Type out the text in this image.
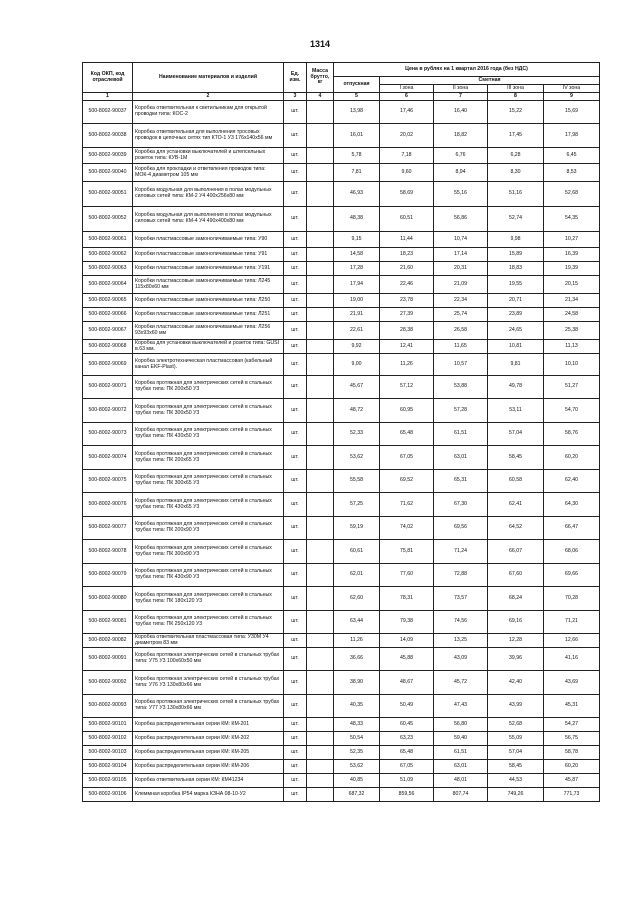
1314
Код ОКП, код отраслевой	Наименование материалов и изделий	Ед. изм.	Масса брутто, кг	Цена в рублях на 1 квартал 2016 года (без НДС)				
				отпускная	Сметная			
					I зона	II зона	III зона	IV зона
1	2	3	4	5	6	7	8	9
500-8002-90037	Коробка ответвительная к светильникам для открытой проводки типа: КОС-2	шт.		13,98	17,46	16,40	15,22	15,69
500-8002-90038	Коробка ответвительная для выполнения тросовых проводок в цепочных сетях тип КТО-1 У3 176х140х56 мм	шт.		16,01	20,02	18,82	17,45	17,98
500-8002-90039	Коробка для установки выключателей и штепсельных розеток типа: КУВ-1М	шт.		5,78	7,18	6,76	6,28	6,45
500-8002-90040	Коробка для прокладки и ответвления проводов типа: МОК-4 диаметром 105 мм	шт.		7,81	9,60	8,94	8,30	8,53
500-8002-90051	Коробка модульная для выполнения в полах модульных силовых сетей типа: КМ-2 У4 400х256х80 мм	шт.		46,93	58,69	55,16	51,16	52,68
500-8002-90052	Коробка модульная для выполнения в полах модульных силовых сетей типа: КМ-4 У4 490х400х80 мм	шт.		48,38	60,51	56,86	52,74	54,35
500-8002-90061	Коробки пластмассовые замоноличиваемые типа: У90	шт.		9,15	11,44	10,74	9,98	10,27
500-8002-90062	Коробки пластмассовые замоноличиваемые типа: У91	шт.		14,58	18,23	17,14	15,89	16,39
500-8002-90063	Коробки пластмассовые замоноличиваемые типа: У191	шт.		17,28	21,60	20,31	18,83	19,39
500-8002-90064	Коробки пластмассовые замоноличиваемые типа: Л245 115х80х60 мм	шт.		17,94	22,46	21,09	19,55	20,15
500-8002-90065	Коробки пластмассовые замоноличиваемые типа: Л250	шт.		19,00	23,78	22,34	20,71	21,34
500-8002-90066	Коробки пластмассовые замоноличиваемые типа: Л251	шт.		21,91	27,39	25,74	23,89	24,58
500-8002-90067	Коробки пластмассовые замоноличиваемые типа: Л256 93х93х60 мм	шт.		22,61	28,38	26,58	24,65	25,38
500-8002-90068	Коробка для установки выключателей и розеток типа: GUSI в.63 мм.	шт.		9,92	12,41	11,65	10,81	11,13
500-8002-90069	Коробка электротехническая пластмассовая (кабельный канал EKF-Plast).	шт.		9,00	11,26	10,57	9,81	10,10
500-8002-90071	Коробка протяжная для электрических сетей в стальных трубах типа: ПК 200х50 У3	шт.		45,67	57,12	53,88	49,78	51,27
500-8002-90072	Коробка протяжная для электрических сетей в стальных трубах типа: ПК 300х50 У3	шт.		48,72	60,95	57,28	53,11	54,70
500-8002-90073	Коробка протяжная для электрических сетей в стальных трубах типа: ПК 430х50 У3	шт.		52,33	65,48	61,51	57,04	58,76
500-8002-90074	Коробка протяжная для электрических сетей в стальных трубах типа: ПК 200х65 У3	шт.		53,62	67,05	63,01	58,45	60,20
500-8002-90075	Коробка протяжная для электрических сетей в стальных трубах типа: ПК 300х65 У3	шт.		55,58	69,52	65,31	60,58	62,40
500-8002-90076	Коробка протяжная для электрических сетей в стальных трубах типа: ПК 430х65 У3	шт.		57,25	71,62	67,30	62,41	64,30
500-8002-90077	Коробка протяжная для электрических сетей в стальных трубах типа: ПК 200х90 У3	шт.		59,19	74,02	69,56	64,52	66,47
500-8002-90078	Коробка протяжная для электрических сетей в стальных трубах типа: ПК 300х90 У3	шт.		60,61	75,81	71,24	66,07	68,06
500-8002-90079	Коробка протяжная для электрических сетей в стальных трубах типа: ПК 430х90 У3	шт.		62,01	77,60	72,88	67,60	69,66
500-8002-90080	Коробка протяжная для электрических сетей в стальных трубах типа: ПК 180х120 У3	шт.		62,60	78,31	73,57	68,24	70,28
500-8002-90081	Коробка протяжная для электрических сетей в стальных трубах типа: ПК 250х120 У3	шт.		63,44	79,38	74,56	69,16	71,21
500-8002-90082	Коробка ответвительная пластмассовая типа: У30М У4 диаметром 83 мм	шт.		11,26	14,09	13,25	12,28	12,66
500-8002-90091	Коробка протяжная электрических сетей в стальных трубах типа: У75 У3 100х60х50 мм	шт.		36,66	45,88	43,09	39,96	41,16
500-8002-90092	Коробка протяжная электрических сетей в стальных трубах типа: У76 У3 130х80х66 мм	шт.		38,90	48,67	45,72	42,40	43,69
500-8002-90093	Коробка протяжная электрических сетей в стальных трубах типа: У77 У3 130х80х66 мм	шт.		40,35	50,49	47,43	43,99	45,31
500-8002-90101	Коробка распределительная серии КМ: КМ-201	шт.		48,33	60,45	56,80	52,68	54,27
500-8002-90102	Коробка распределительная серии КМ: КМ-202	шт.		50,54	63,23	59,40	55,09	56,75
500-8002-90103	Коробка распределительная серии КМ: КМ-205	шт.		52,35	65,48	61,51	57,04	58,78
500-8002-90104	Коробка распределительная серии КМ: КМ-206	шт.		53,62	67,05	63,01	58,45	60,20
500-8002-90105	Коробка ответвительная серии КМ: КМ41234	шт.		40,85	51,09	48,01	44,53	45,87
500-8002-90106	Клеммная коробка IP54 марка КЗНА 08-10-У2	шт.		687,32	859,56	807,74	749,26	771,73
